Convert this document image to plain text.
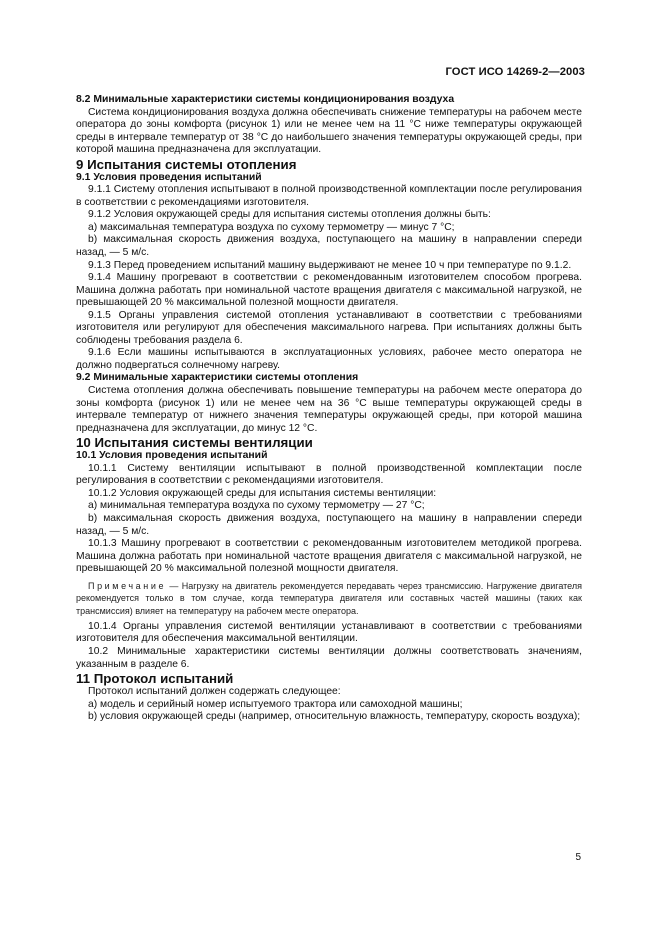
ГОСТ ИСО 14269-2—2003

8.2 Минимальные характеристики системы кондиционирования воздуха

Система кондиционирования воздуха должна обеспечивать снижение температуры на рабочем месте оператора до зоны комфорта (рисунок 1) или не менее чем на 11 °С ниже температуры окружающей среды в интервале температур от 38 °С до наибольшего значения температуры окружающей среды, при которой машина предназначена для эксплуатации.

9 Испытания системы отопления

9.1 Условия проведения испытаний

9.1.1 Систему отопления испытывают в полной производственной комплектации после регулирования в соответствии с рекомендациями изготовителя.

9.1.2 Условия окружающей среды для испытания системы отопления должны быть:

a) максимальная температура воздуха по сухому термометру — минус 7 °С;

b) максимальная скорость движения воздуха, поступающего на машину в направлении спереди назад, — 5 м/с.

9.1.3 Перед проведением испытаний машину выдерживают не менее 10 ч при температуре по 9.1.2.

9.1.4 Машину прогревают в соответствии с рекомендованным изготовителем способом прогрева. Машина должна работать при номинальной частоте вращения двигателя с максимальной нагрузкой, не превышающей 20 % максимальной полезной мощности двигателя.

9.1.5 Органы управления системой отопления устанавливают в соответствии с требованиями изготовителя или регулируют для обеспечения максимального нагрева. При испытаниях должны быть соблюдены требования раздела 6.

9.1.6 Если машины испытываются в эксплуатационных условиях, рабочее место оператора не должно подвергаться солнечному нагреву.

9.2 Минимальные характеристики системы отопления

Система отопления должна обеспечивать повышение температуры на рабочем месте оператора до зоны комфорта (рисунок 1) или не менее чем на 36 °С выше температуры окружающей среды в интервале температур от нижнего значения температуры окружающей среды, при которой машина предназначена для эксплуатации, до минус 12 °С.

10 Испытания системы вентиляции

10.1 Условия проведения испытаний

10.1.1 Систему вентиляции испытывают в полной производственной комплектации после регулирования в соответствии с рекомендациями изготовителя.

10.1.2 Условия окружающей среды для испытания системы вентиляции:

a) минимальная температура воздуха по сухому термометру — 27 °С;

b) максимальная скорость движения воздуха, поступающего на машину в направлении спереди назад, — 5 м/с.

10.1.3 Машину прогревают в соответствии с рекомендованным изготовителем методикой прогрева. Машина должна работать при номинальной частоте вращения двигателя с максимальной нагрузкой, не превышающей 20 % максимальной полезной мощности двигателя.

Примечание — Нагрузку на двигатель рекомендуется передавать через трансмиссию. Нагружение двигателя рекомендуется только в том случае, когда температура двигателя или составных частей машины (таких как трансмиссия) влияет на температуру на рабочем месте оператора.

10.1.4 Органы управления системой вентиляции устанавливают в соответствии с требованиями изготовителя для обеспечения максимальной вентиляции.

10.2 Минимальные характеристики системы вентиляции должны соответствовать значениям, указанным в разделе 6.

11 Протокол испытаний

Протокол испытаний должен содержать следующее:

a) модель и серийный номер испытуемого трактора или самоходной машины;

b) условия окружающей среды (например, относительную влажность, температуру, скорость воздуха);

5
